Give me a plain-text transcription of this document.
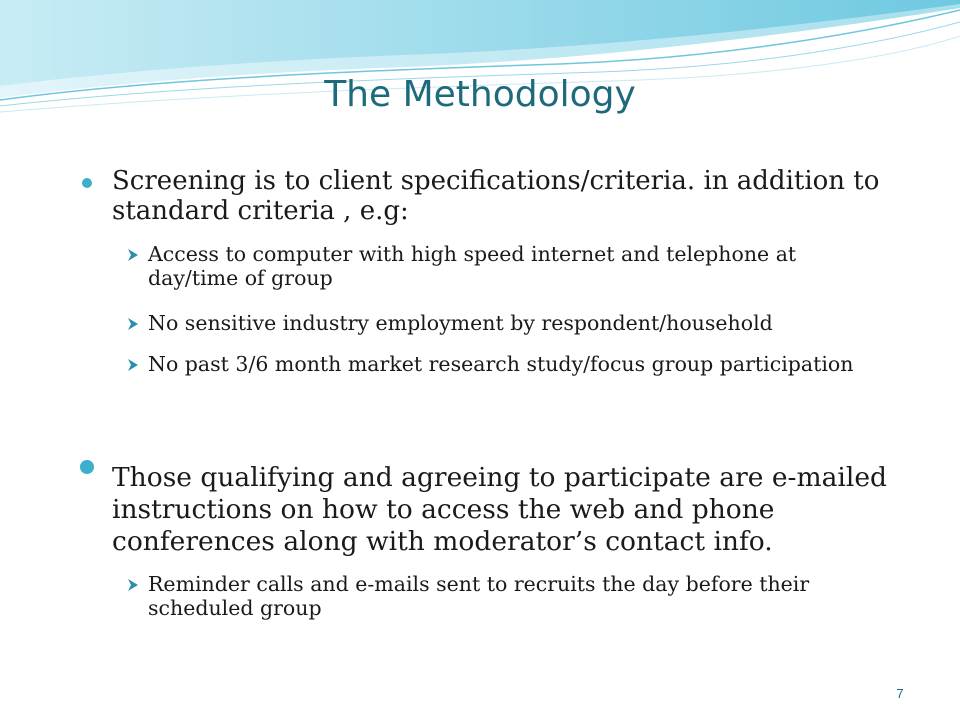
The Methodology
Screening is to client specifications/criteria. in addition to standard criteria , e.g:
Access to computer with high speed internet and telephone at day/time of group
No sensitive industry employment by respondent/household
No past 3/6 month market research study/focus group participation
Those qualifying and agreeing to participate are e-mailed instructions on how to access the web and phone conferences along with moderator’s contact info.
Reminder calls and e-mails sent to recruits the day before their scheduled group
7
